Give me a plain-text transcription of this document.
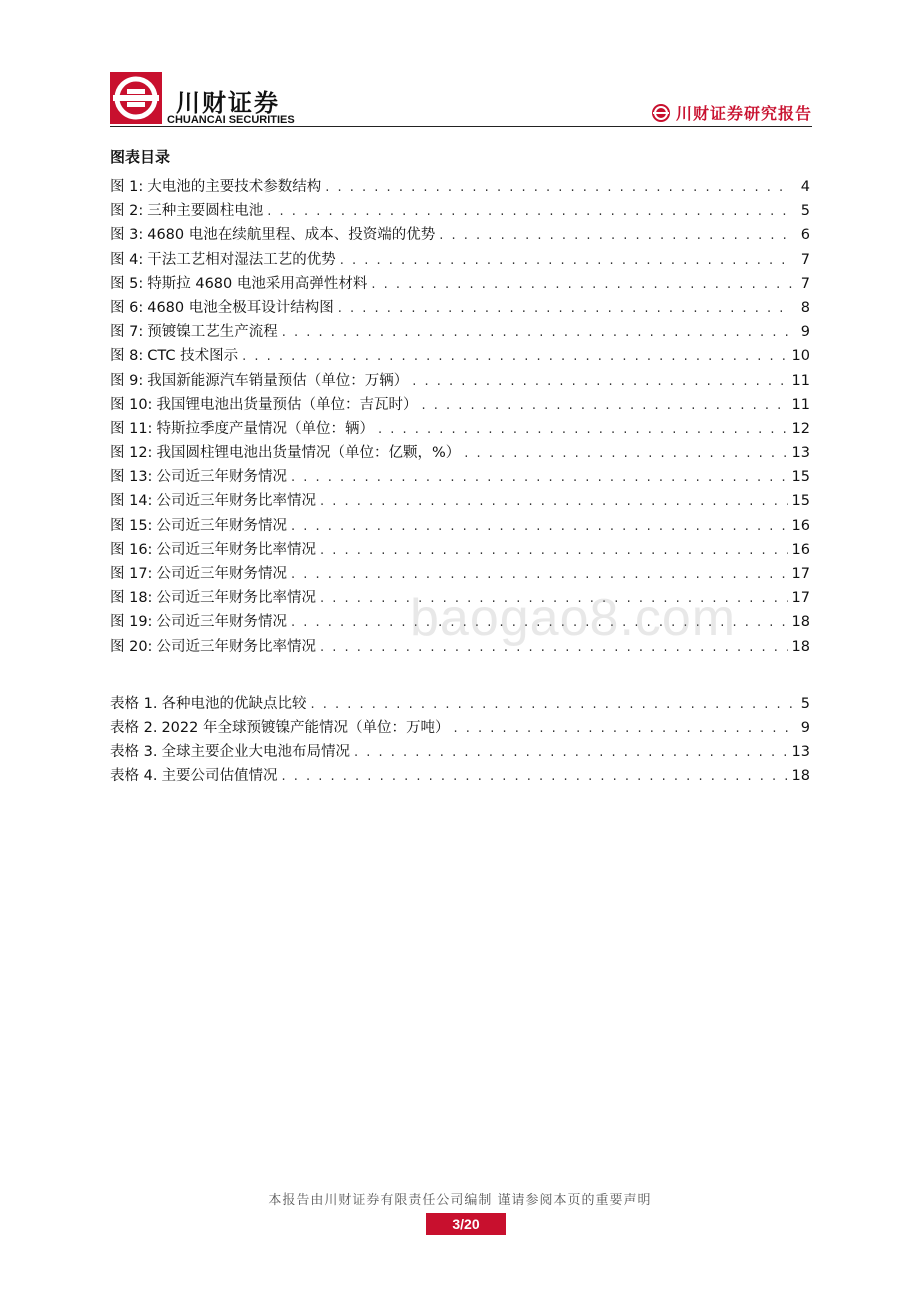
川财证券
CHUANCAI SECURITIES	川财证券研究报告
图表目录
图 1: 大电池的主要技术参数结构 . . .	4
图 2: 三种主要圆柱电池 . . .	5
图 3: 4680 电池在续航里程、成本、投资端的优势 . . .	6
图 4: 干法工艺相对湿法工艺的优势 . . .	7
图 5: 特斯拉 4680 电池采用高弹性材料 . . .	7
图 6: 4680 电池全极耳设计结构图 . . .	8
图 7: 预镀镍工艺生产流程 . . .	9
图 8: CTC 技术图示 . . .	10
图 9: 我国新能源汽车销量预估（单位：万辆） . . .	11
图 10: 我国锂电池出货量预估（单位：吉瓦时） . . .	11
图 11: 特斯拉季度产量情况（单位：辆） . . .	12
图 12: 我国圆柱锂电池出货量情况（单位：亿颗，%） . . .	13
图 13: 公司近三年财务情况 . . .	15
图 14: 公司近三年财务比率情况 . . .	15
图 15: 公司近三年财务情况 . . .	16
图 16: 公司近三年财务比率情况 . . .	16
图 17: 公司近三年财务情况 . . .	17
图 18: 公司近三年财务比率情况 . . .	17
图 19: 公司近三年财务情况 . . .	18
图 20: 公司近三年财务比率情况 . . .	18
表格 1. 各种电池的优缺点比较 . . .	5
表格 2. 2022 年全球预镀镍产能情况（单位：万吨） . . .	9
表格 3. 全球主要企业大电池布局情况 . . .	13
表格 4. 主要公司估值情况 . . .	18
baogao8.com
本报告由川财证券有限责任公司编制 谨请参阅本页的重要声明
3/20
